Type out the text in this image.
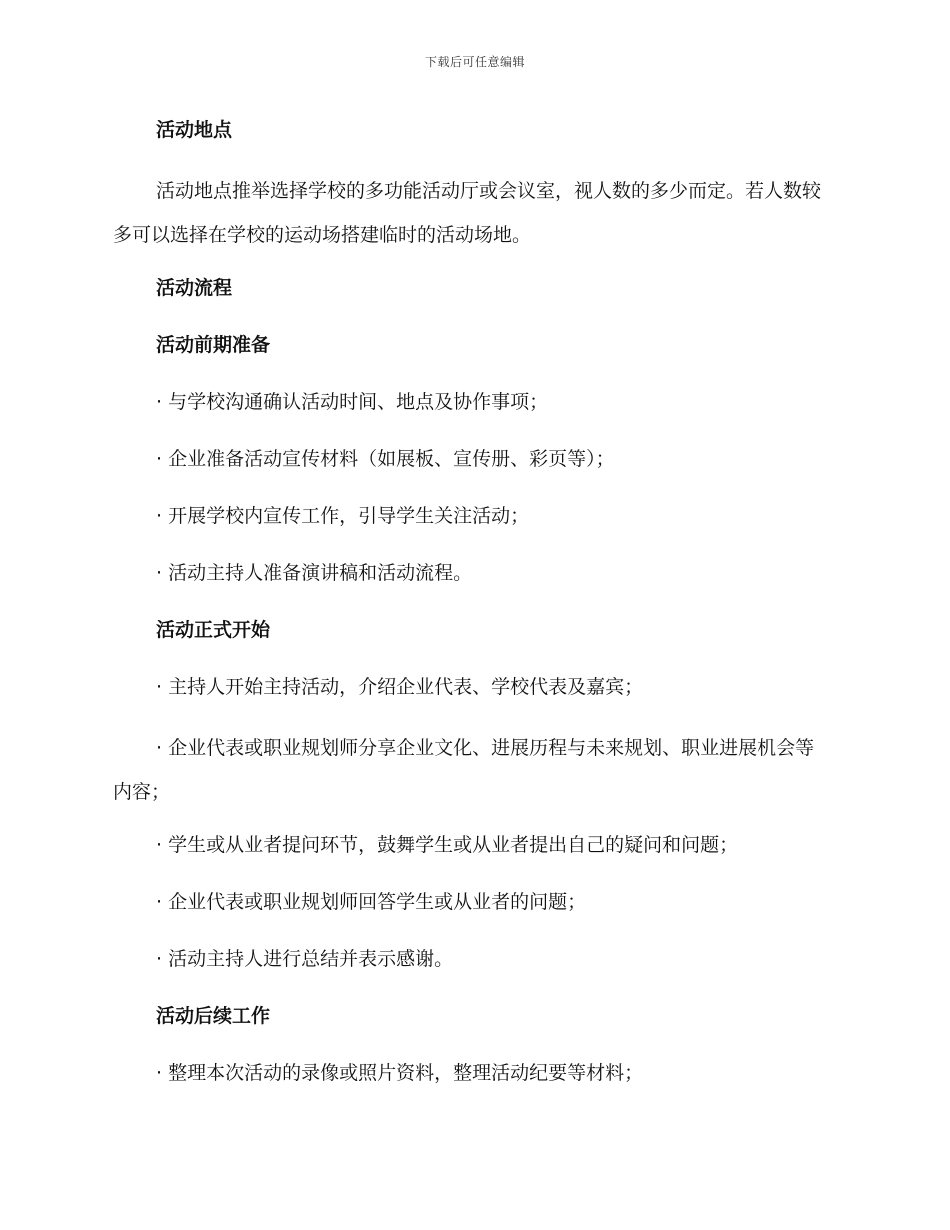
下载后可任意编辑
活动地点
活动地点推举选择学校的多功能活动厅或会议室，视人数的多少而定。若人数较多可以选择在学校的运动场搭建临时的活动场地。
活动流程
活动前期准备
· 与学校沟通确认活动时间、地点及协作事项；
· 企业准备活动宣传材料（如展板、宣传册、彩页等）；
· 开展学校内宣传工作，引导学生关注活动；
· 活动主持人准备演讲稿和活动流程。
活动正式开始
· 主持人开始主持活动，介绍企业代表、学校代表及嘉宾；
· 企业代表或职业规划师分享企业文化、进展历程与未来规划、职业进展机会等内容；
· 学生或从业者提问环节，鼓舞学生或从业者提出自己的疑问和问题；
· 企业代表或职业规划师回答学生或从业者的问题；
· 活动主持人进行总结并表示感谢。
活动后续工作
· 整理本次活动的录像或照片资料，整理活动纪要等材料；
